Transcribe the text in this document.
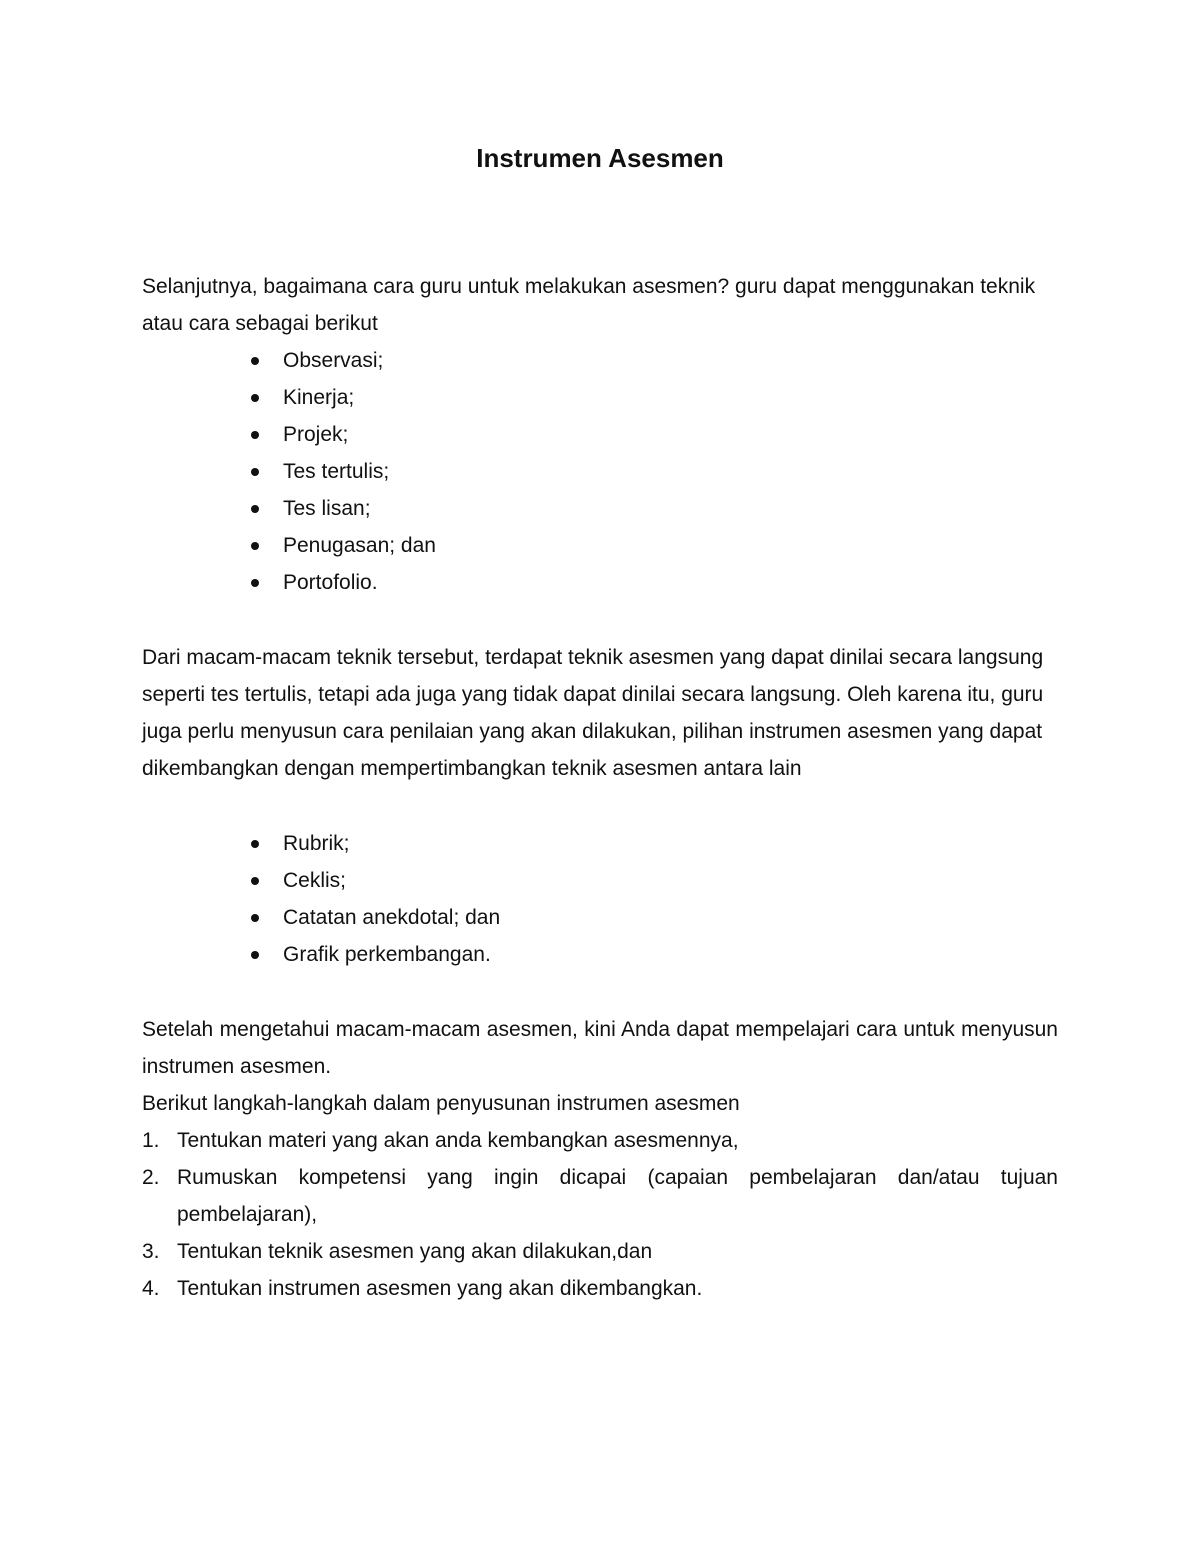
Instrumen Asesmen

Selanjutnya, bagaimana cara guru untuk melakukan asesmen? guru dapat menggunakan teknik atau cara sebagai berikut

Observasi;
Kinerja;
Projek;
Tes tertulis;
Tes lisan;
Penugasan; dan
Portofolio.

Dari macam-macam teknik tersebut, terdapat teknik asesmen yang dapat dinilai secara langsung seperti tes tertulis, tetapi ada juga yang tidak dapat dinilai secara langsung. Oleh karena itu, guru juga perlu menyusun cara penilaian yang akan dilakukan, pilihan instrumen asesmen yang dapat dikembangkan dengan mempertimbangkan teknik asesmen antara lain

Rubrik;
Ceklis;
Catatan anekdotal; dan
Grafik perkembangan.

Setelah mengetahui macam-macam asesmen, kini Anda dapat mempelajari cara untuk menyusun instrumen asesmen.

Berikut langkah-langkah dalam penyusunan instrumen asesmen

1. Tentukan materi yang akan anda kembangkan asesmennya,
2. Rumuskan kompetensi yang ingin dicapai (capaian pembelajaran dan/atau tujuan pembelajaran),
3. Tentukan teknik asesmen yang akan dilakukan,dan
4. Tentukan instrumen asesmen yang akan dikembangkan.
